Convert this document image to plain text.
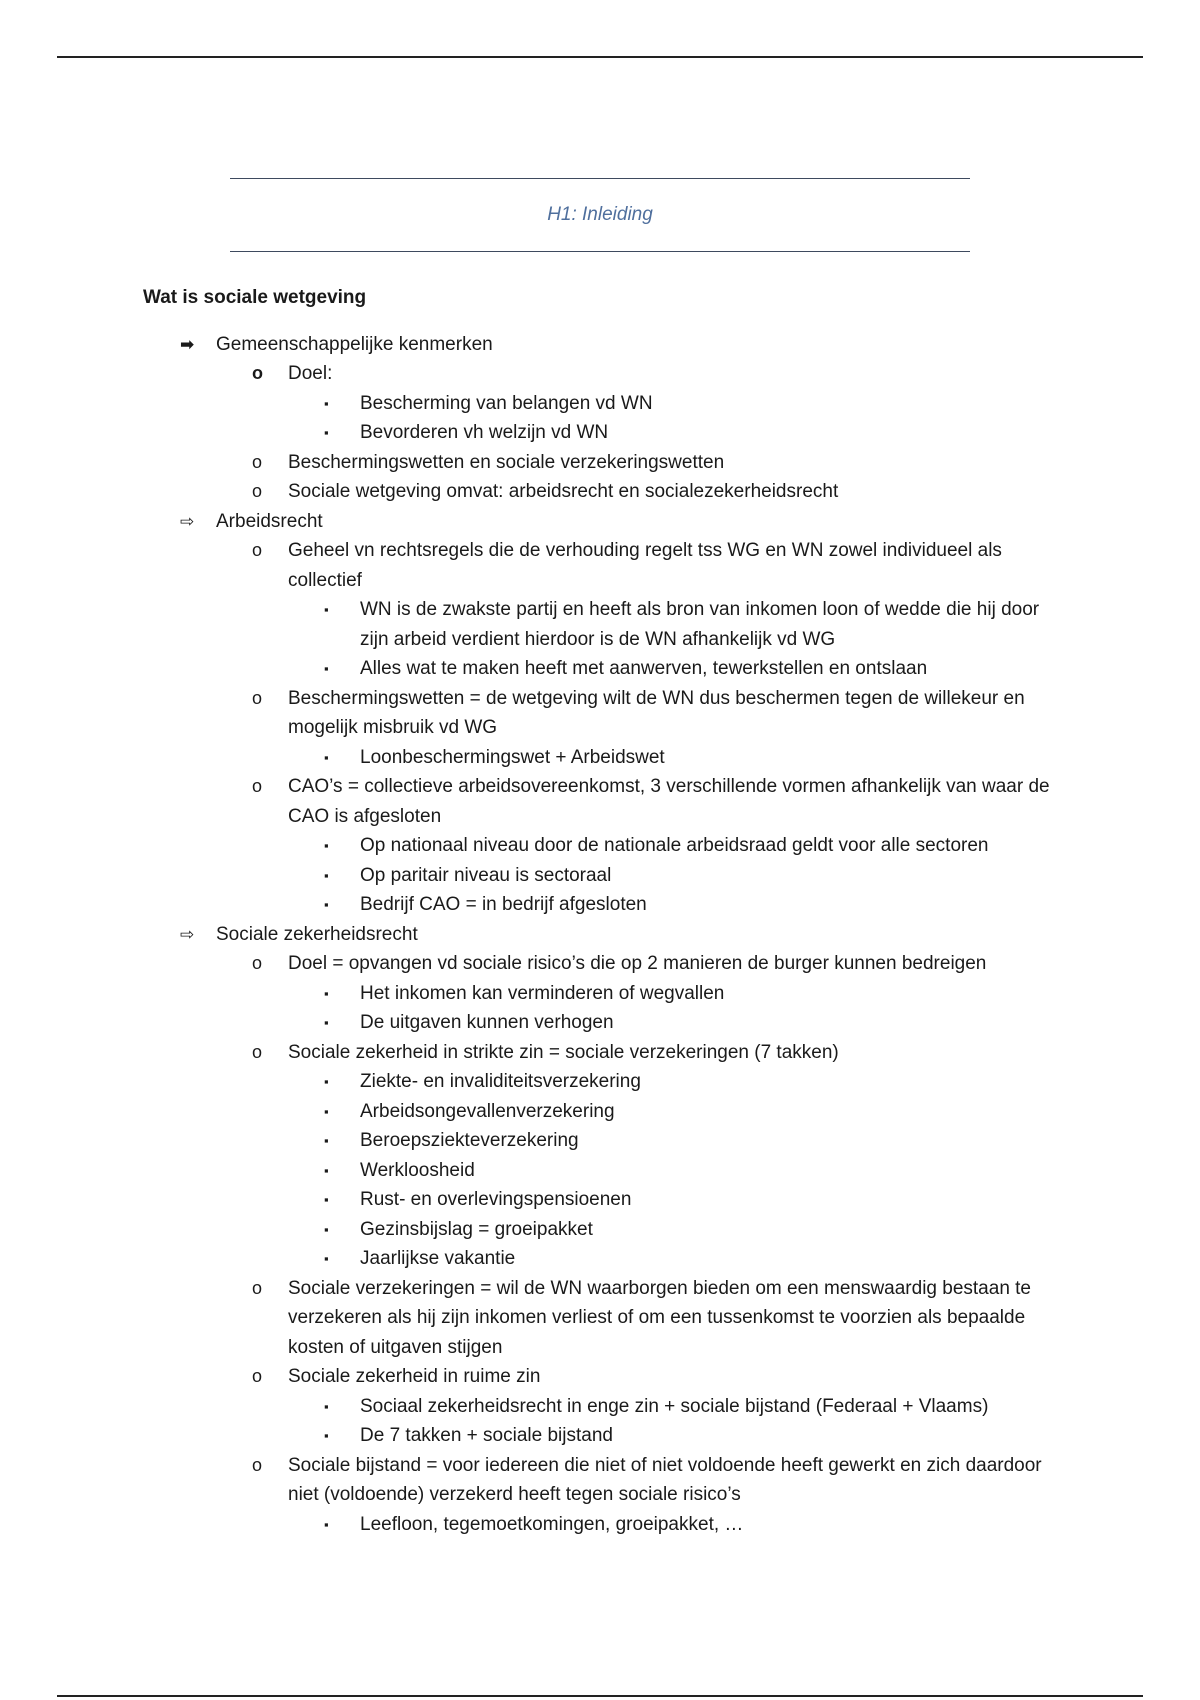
H1: Inleiding
Wat is sociale wetgeving
➡ Gemeenschappelijke kenmerken
o Doel:
▪ Bescherming van belangen vd WN
▪ Bevorderen vh welzijn vd WN
o Beschermingswetten en sociale verzekeringswetten
o Sociale wetgeving omvat: arbeidsrecht en socialezekerheidsrecht
⇨ Arbeidsrecht
o Geheel vn rechtsregels die de verhouding regelt tss WG en WN zowel individueel als collectief
▪ WN is de zwakste partij en heeft als bron van inkomen loon of wedde die hij door zijn arbeid verdient hierdoor is de WN afhankelijk vd WG
▪ Alles wat te maken heeft met aanwerven, tewerkstellen en ontslaan
o Beschermingswetten = de wetgeving wilt de WN dus beschermen tegen de willekeur en mogelijk misbruik vd WG
▪ Loonbeschermingswet + Arbeidswet
o CAO’s = collectieve arbeidsovereenkomst, 3 verschillende vormen afhankelijk van waar de CAO is afgesloten
▪ Op nationaal niveau door de nationale arbeidsraad geldt voor alle sectoren
▪ Op paritair niveau is sectoraal
▪ Bedrijf CAO = in bedrijf afgesloten
⇨ Sociale zekerheidsrecht
o Doel = opvangen vd sociale risico’s die op 2 manieren de burger kunnen bedreigen
▪ Het inkomen kan verminderen of wegvallen
▪ De uitgaven kunnen verhogen
o Sociale zekerheid in strikte zin = sociale verzekeringen (7 takken)
▪ Ziekte- en invaliditeitsverzekering
▪ Arbeidsongevallenverzekering
▪ Beroepsziekteverzekering
▪ Werkloosheid
▪ Rust- en overlevingspensioenen
▪ Gezinsbijslag = groeipakket
▪ Jaarlijkse vakantie
o Sociale verzekeringen = wil de WN waarborgen bieden om een menswaardig bestaan te verzekeren als hij zijn inkomen verliest of om een tussenkomst te voorzien als bepaalde kosten of uitgaven stijgen
o Sociale zekerheid in ruime zin
▪ Sociaal zekerheidsrecht in enge zin + sociale bijstand (Federaal + Vlaams)
▪ De 7 takken + sociale bijstand
o Sociale bijstand = voor iedereen die niet of niet voldoende heeft gewerkt en zich daardoor niet (voldoende) verzekerd heeft tegen sociale risico’s
▪ Leefloon, tegemoetkomingen, groeipakket, …
